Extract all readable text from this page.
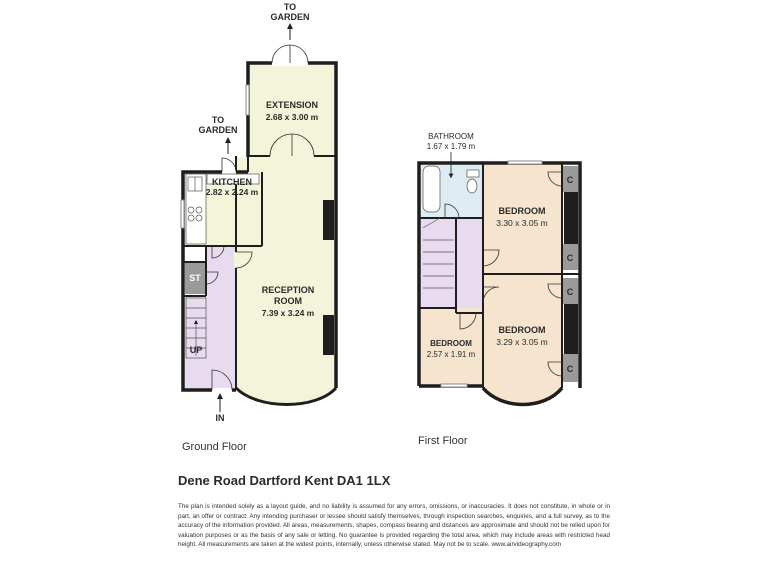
TO
GARDEN
TO
GARDEN
EXTENSION
2.68 x 3.00 m
KITCHEN
2.82 x 2.24 m
RECEPTION
ROOM
7.39 x 3.24 m
ST
UP
IN
BATHROOM
1.67 x 1.79 m
BEDROOM
3.30 x 3.05 m
BEDROOM
3.29 x 3.05 m
BEDROOM
2.57 x 1.91 m
C
C
C
C
Ground Floor	First Floor
Dene Road Dartford Kent DA1 1LX
The plan is intended solely as a layout guide, and no liability is assumed for any errors, omissions, or inaccuracies. It does not constitute, in whole or in part, an offer or contract. Any intending purchaser or lessee should satisfy themselves, through inspection searches, enquiries, and a full survey, as to the accuracy of the information provided. All areas, measurements, shapes, compass bearing and distances are approximate and should not be relied upon for valuation purposes or as the basis of any sale or letting. No guarantee is provided regarding the total area, which may include areas with restricted head height. All measurements are taken at the widest points, internally, unless otherwise stated. May not be to scale. www.airvideography.com
